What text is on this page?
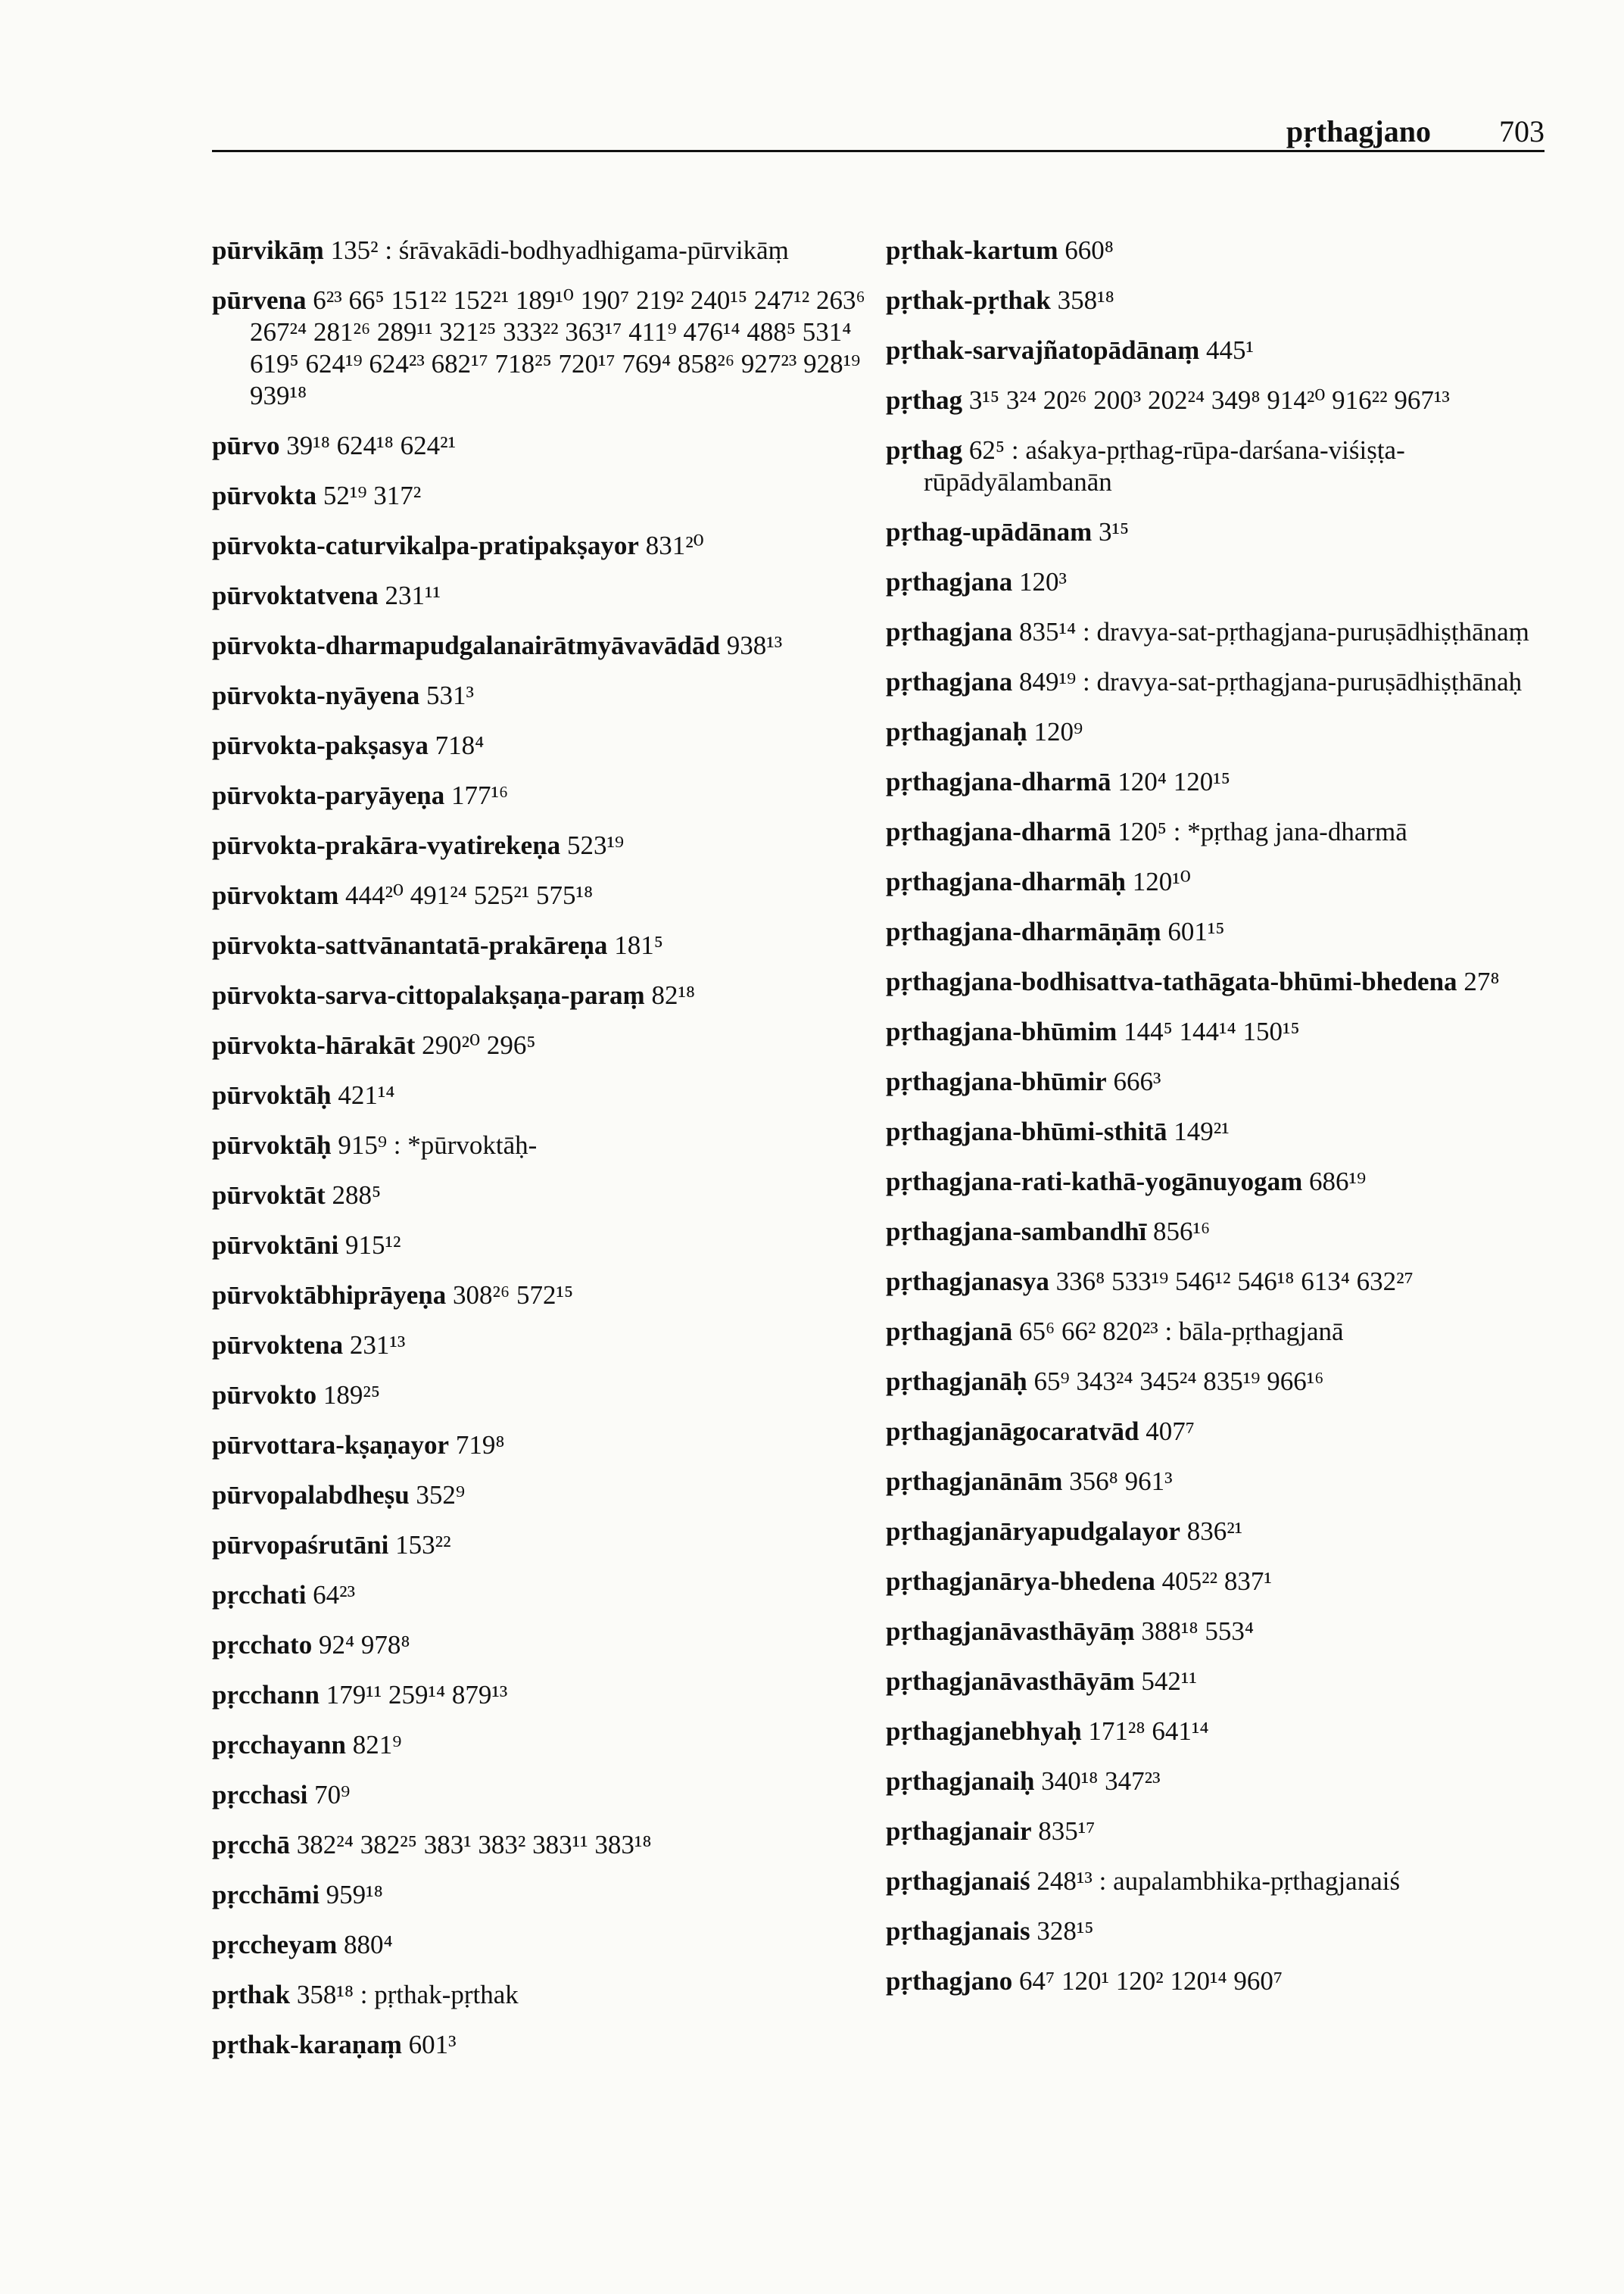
pṛthagjano 703
pūrvikāṃ 135² : śrāvakādi-bodhyadhigama-pūrvikāṃ
pūrvena 6²³ 66⁵ 151²² 152²¹ 189¹⁰ 190⁷ 219² 240¹⁵ 247¹² 263⁶ 267²⁴ 281²⁶ 289¹¹ 321²⁵ 333²² 363¹⁷ 411⁹ 476¹⁴ 488⁵ 531⁴ 619⁵ 624¹⁹ 624²³ 682¹⁷ 718²⁵ 720¹⁷ 769⁴ 858²⁶ 927²³ 928¹⁹ 939¹⁸
pūrvo 39¹⁸ 624¹⁸ 624²¹
pūrvokta 52¹⁹ 317²
pūrvokta-caturvikalpa-pratipakṣayor 831²⁰
pūrvoktatvena 231¹¹
pūrvokta-dharmapudgalanairātmyāvavādād 938¹³
pūrvokta-nyāyena 531³
pūrvokta-pakṣasya 718⁴
pūrvokta-paryāyeṇa 177¹⁶
pūrvokta-prakāra-vyatirekeṇa 523¹⁹
pūrvoktam 444²⁰ 491²⁴ 525²¹ 575¹⁸
pūrvokta-sattvānantatā-prakāreṇa 181⁵
pūrvokta-sarva-cittopalakṣaṇa-paraṃ 82¹⁸
pūrvokta-hārakāt 290²⁰ 296⁵
pūrvoktāḥ 421¹⁴
pūrvoktāḥ 915⁹ : *pūrvoktāḥ-
pūrvoktāt 288⁵
pūrvoktāni 915¹²
pūrvoktābhiprāyeṇa 308²⁶ 572¹⁵
pūrvoktena 231¹³
pūrvokto 189²⁵
pūrvottara-kṣaṇayor 719⁸
pūrvopalabdheṣu 352⁹
pūrvopaśrutāni 153²²
pṛcchati 64²³
pṛcchato 92⁴ 978⁸
pṛcchann 179¹¹ 259¹⁴ 879¹³
pṛcchayann 821⁹
pṛcchasi 70⁹
pṛcchā 382²⁴ 382²⁵ 383¹ 383² 383¹¹ 383¹⁸
pṛcchāmi 959¹⁸
pṛccheyam 880⁴
pṛthak 358¹⁸ : pṛthak-pṛthak
pṛthak-karaṇaṃ 601³
pṛthak-kartum 660⁸
pṛthak-pṛthak 358¹⁸
pṛthak-sarvajñatopādānaṃ 445¹
pṛthag 3¹⁵ 3²⁴ 20²⁶ 200³ 202²⁴ 349⁸ 914²⁰ 916²² 967¹³
pṛthag 62⁵ : aśakya-pṛthag-rūpa-darśana-viśiṣṭa-rūpādyālambanān
pṛthag-upādānam 3¹⁵
pṛthagjana 120³
pṛthagjana 835¹⁴ : dravya-sat-pṛthagjana-puruṣādhiṣṭhānaṃ
pṛthagjana 849¹⁹ : dravya-sat-pṛthagjana-puruṣādhiṣṭhānaḥ
pṛthagjanaḥ 120⁹
pṛthagjana-dharmā 120⁴ 120¹⁵
pṛthagjana-dharmā 120⁵ : *pṛthag jana-dharmā
pṛthagjana-dharmāḥ 120¹⁰
pṛthagjana-dharmāṇāṃ 601¹⁵
pṛthagjana-bodhisattva-tathāgata-bhūmi-bhedena 27⁸
pṛthagjana-bhūmim 144⁵ 144¹⁴ 150¹⁵
pṛthagjana-bhūmir 666³
pṛthagjana-bhūmi-sthitā 149²¹
pṛthagjana-rati-kathā-yogānuyogam 686¹⁹
pṛthagjana-sambandhī 856¹⁶
pṛthagjanasya 336⁸ 533¹⁹ 546¹² 546¹⁸ 613⁴ 632²⁷
pṛthagjanā 65⁶ 66² 820²³ : bāla-pṛthagjanā
pṛthagjanāḥ 65⁹ 343²⁴ 345²⁴ 835¹⁹ 966¹⁶
pṛthagjanāgocaratvād 407⁷
pṛthagjanānām 356⁸ 961³
pṛthagjanāryapudgalayor 836²¹
pṛthagjanārya-bhedena 405²² 837¹
pṛthagjanāvasthāyāṃ 388¹⁸ 553⁴
pṛthagjanāvasthāyām 542¹¹
pṛthagjanebhyaḥ 171²⁸ 641¹⁴
pṛthagjanaiḥ 340¹⁸ 347²³
pṛthagjanair 835¹⁷
pṛthagjanaiś 248¹³ : aupalambhika-pṛthagjanaiś
pṛthagjanais 328¹⁵
pṛthagjano 64⁷ 120¹ 120² 120¹⁴ 960⁷
